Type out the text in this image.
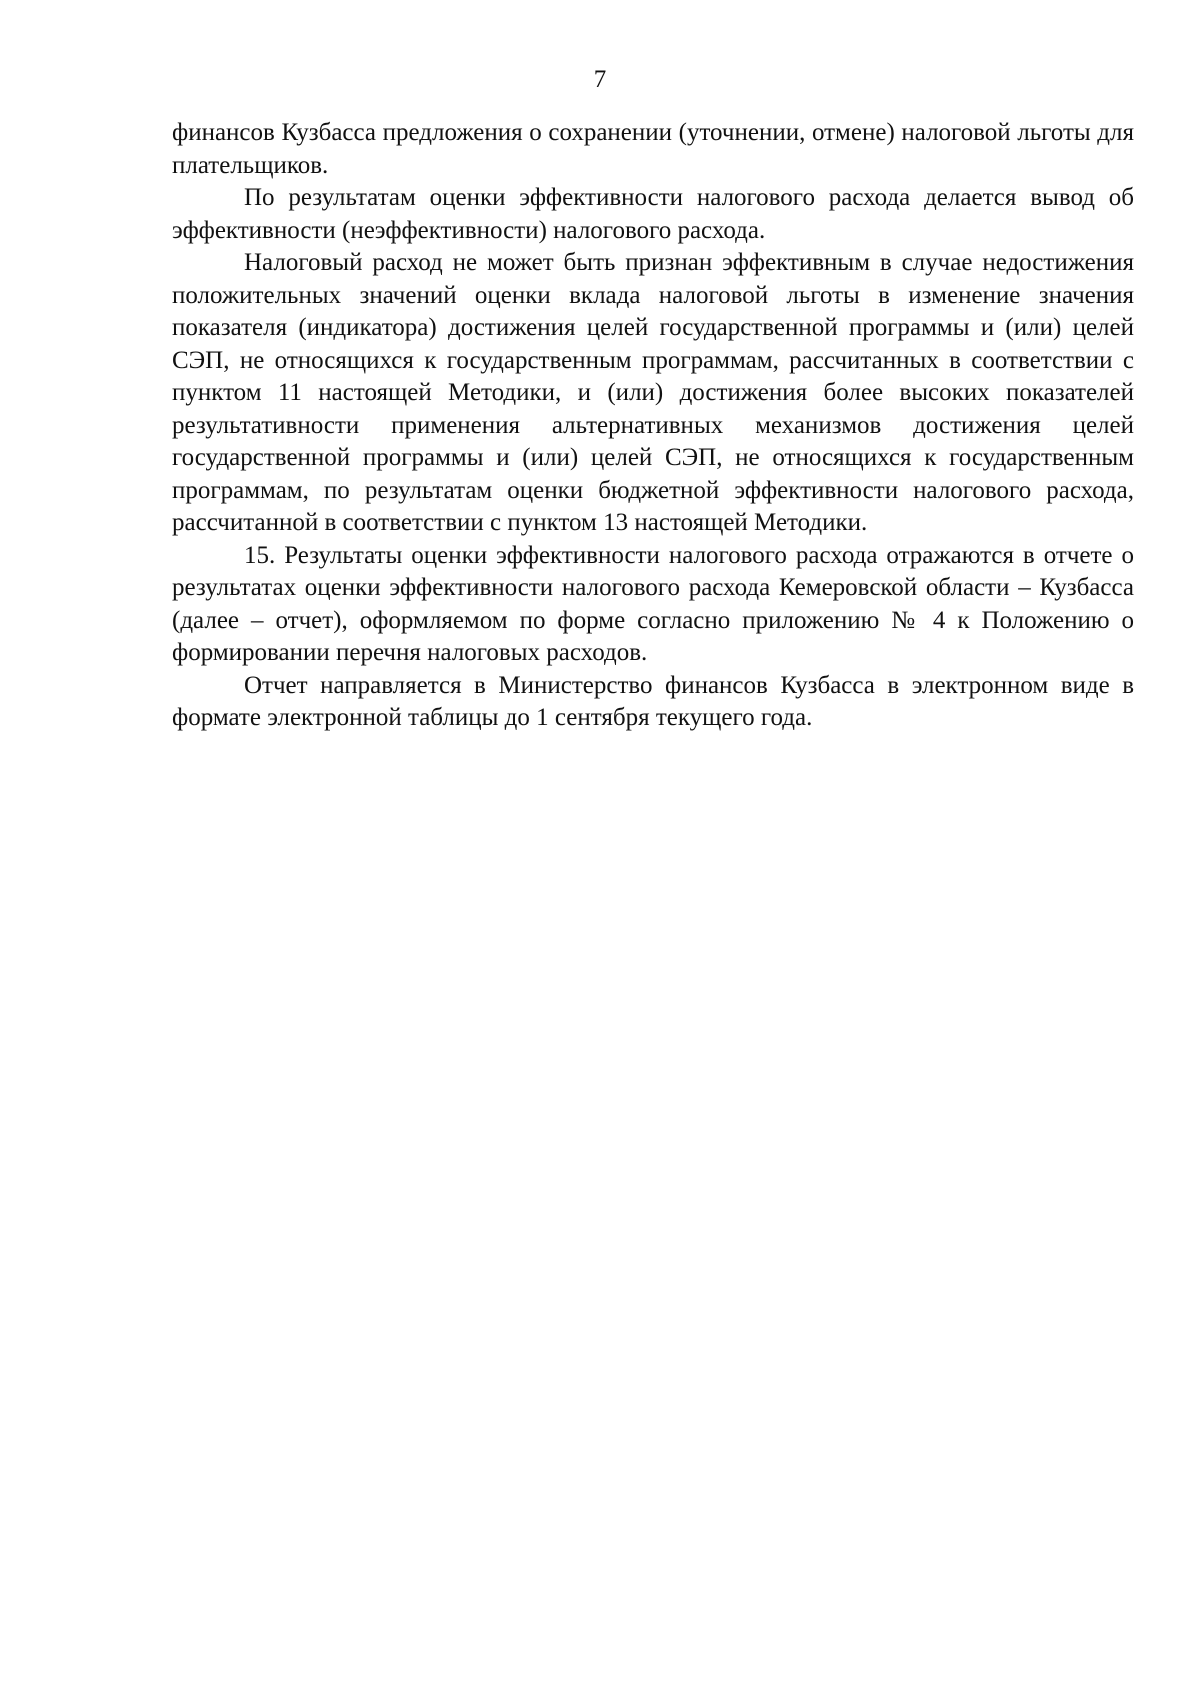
7

финансов Кузбасса предложения о сохранении (уточнении, отмене) налоговой льготы для плательщиков.

По результатам оценки эффективности налогового расхода делается вывод об эффективности (неэффективности) налогового расхода.

Налоговый расход не может быть признан эффективным в случае недостижения положительных значений оценки вклада налоговой льготы в изменение значения показателя (индикатора) достижения целей государственной программы и (или) целей СЭП, не относящихся к государственным программам, рассчитанных в соответствии с пунктом 11 настоящей Методики, и (или) достижения более высоких показателей результативности применения альтернативных механизмов достижения целей государственной программы и (или) целей СЭП, не относящихся к государственным программам, по результатам оценки бюджетной эффективности налогового расхода, рассчитанной в соответствии с пунктом 13 настоящей Методики.

15. Результаты оценки эффективности налогового расхода отражаются в отчете о результатах оценки эффективности налогового расхода Кемеровской области – Кузбасса (далее – отчет), оформляемом по форме согласно приложению № 4 к Положению о формировании перечня налоговых расходов.

Отчет направляется в Министерство финансов Кузбасса в электронном виде в формате электронной таблицы до 1 сентября текущего года.
